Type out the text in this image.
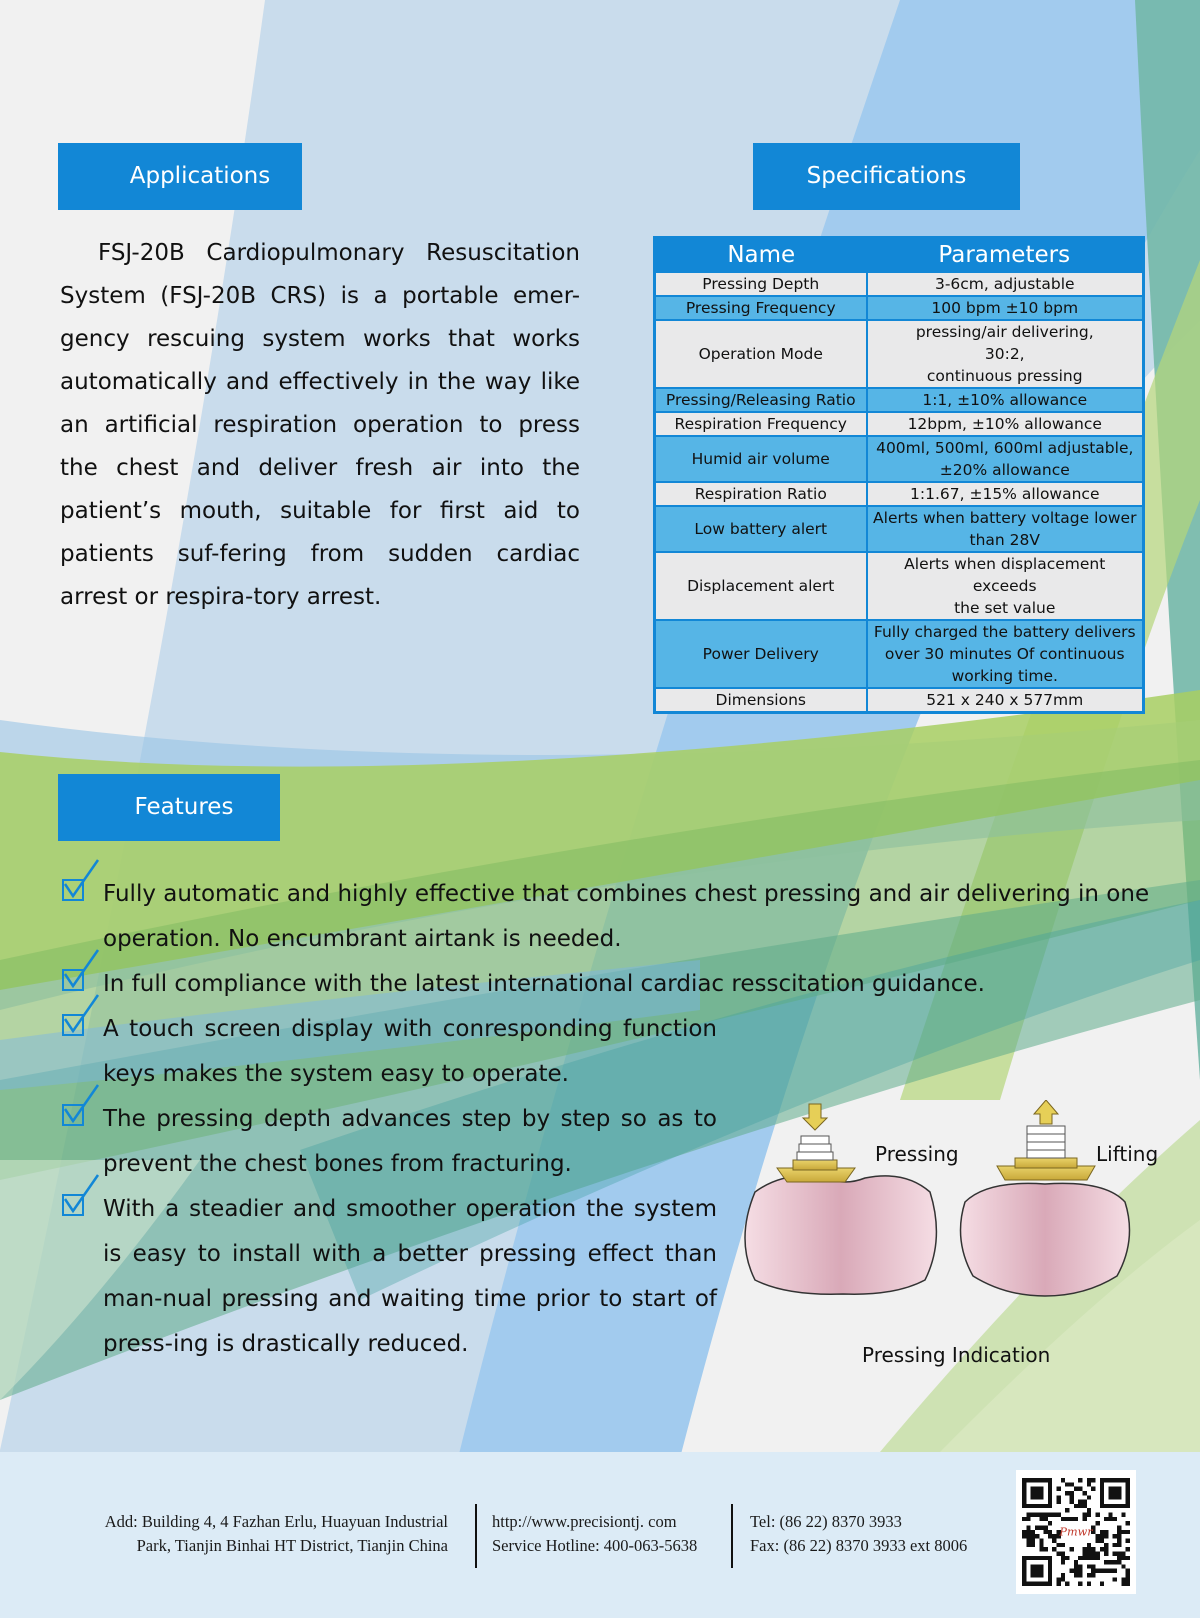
Applications

FSJ-20B Cardiopulmonary Resuscitation System (FSJ-20B CRS) is a portable emer-gency rescuing system works that works automatically and effectively in the way like an artificial respiration operation to press the chest and deliver fresh air into the patient’s mouth, suitable for first aid to patients suf-fering from sudden cardiac arrest or respira-tory arrest.

Specifications
Name	Parameters
Pressing Depth	3-6cm, adjustable
Pressing Frequency	100 bpm ±10 bpm
Operation Mode	pressing/air delivering,
30:2,
continuous pressing
Pressing/Releasing Ratio	1:1, ±10% allowance
Respiration Frequency	12bpm, ±10% allowance
Humid air volume	400ml, 500ml, 600ml adjustable,
±20% allowance
Respiration Ratio	1:1.67, ±15% allowance
Low battery alert	Alerts when battery voltage lower
than 28V
Displacement alert	Alerts when displacement exceeds
the set value
Power Delivery	Fully charged the battery delivers
over 30 minutes Of continuous
working time.
Dimensions	521 x 240 x 577mm
Features
Fully automatic and highly effective that combines chest pressing and air delivering in one operation. No encumbrant airtank is needed.
In full compliance with the latest international cardiac resscitation guidance.
A touch screen display with conresponding function keys makes the system easy to operate.
The pressing depth advances step by step so as to prevent the chest bones from fracturing.
With a steadier and smoother operation the system is easy to install with a better pressing effect than man-nual pressing and waiting time prior to start of press-ing is drastically reduced.
Pressing	Lifting
Pressing Indication
Add: Building 4, 4 Fazhan Erlu, Huayuan Industrial
Park, Tianjin Binhai HT District, Tianjin China
http://www.precisiontj. com
Service Hotline: 400-063-5638
Tel: (86 22) 8370 3933
Fax: (86 22) 8370 3933 ext 8006
Pmwr
